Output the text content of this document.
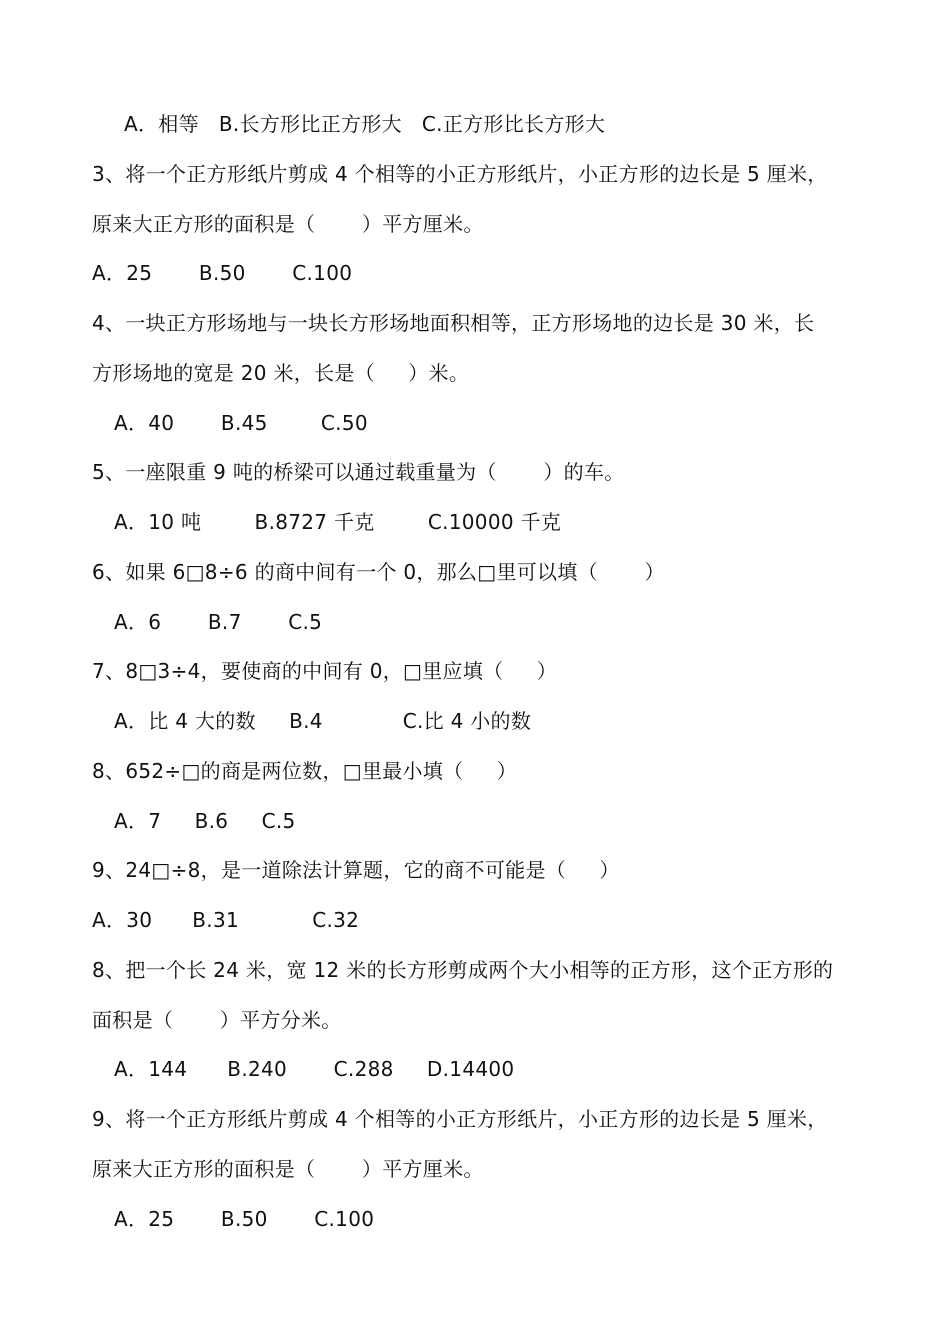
A．相等   B.长方形比正方形大   C.正方形比长方形大
3、将一个正方形纸片剪成 4 个相等的小正方形纸片，小正方形的边长是 5 厘米，
原来大正方形的面积是（       ）平方厘米。
A．25       B.50       C.100
4、一块正方形场地与一块长方形场地面积相等，正方形场地的边长是 30 米，长
方形场地的宽是 20 米，长是（     ）米。
A．40       B.45        C.50
5、一座限重 9 吨的桥梁可以通过载重量为（       ）的车。
A．10 吨        B.8727 千克        C.10000 千克
6、如果 6□8÷6 的商中间有一个 0，那么□里可以填（       ）
A．6       B.7       C.5
7、8□3÷4，要使商的中间有 0，□里应填（     ）
A．比 4 大的数     B.4            C.比 4 小的数
8、652÷□的商是两位数，□里最小填（     ）
A．7     B.6     C.5
9、24□÷8，是一道除法计算题，它的商不可能是（     ）
A．30      B.31           C.32
8、把一个长 24 米，宽 12 米的长方形剪成两个大小相等的正方形，这个正方形的
面积是（       ）平方分米。
A．144      B.240       C.288     D.14400
9、将一个正方形纸片剪成 4 个相等的小正方形纸片，小正方形的边长是 5 厘米，
原来大正方形的面积是（       ）平方厘米。
A．25       B.50       C.100
